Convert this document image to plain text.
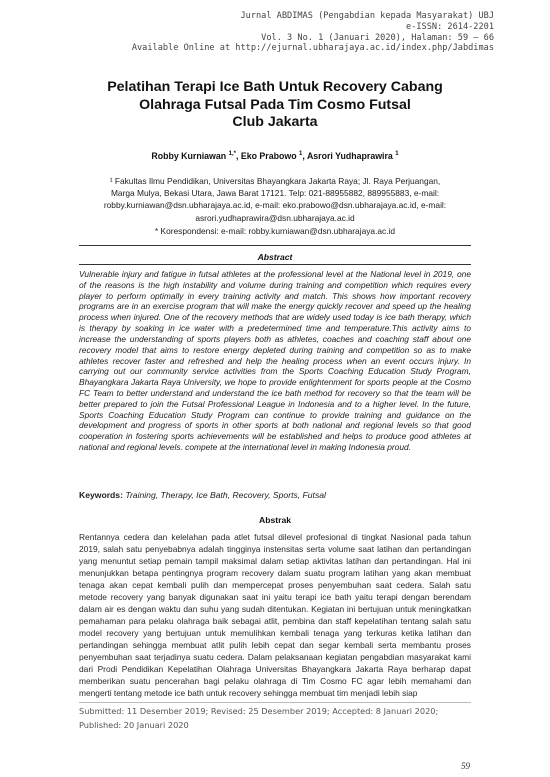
Jurnal ABDIMAS (Pengabdian kepada Masyarakat) UBJ
e-ISSN: 2614-2201
Vol. 3 No. 1 (Januari 2020), Halaman: 59 – 66
Available Online at http://ejurnal.ubharajaya.ac.id/index.php/Jabdimas
Pelatihan Terapi Ice Bath Untuk Recovery Cabang
Olahraga Futsal Pada Tim Cosmo Futsal
Club Jakarta
Robby Kurniawan $^{1,*}$, Eko Prabowo $^1$, Asrori Yudhaprawira $^1$
¹ Fakultas Ilmu Pendidikan, Universitas Bhayangkara Jakarta Raya; Jl. Raya Perjuangan,
Marga Mulya, Bekasi Utara, Jawa Barat 17121. Telp: 021-88955882, 889955883, e-mail:
robby.kurniawan@dsn.ubharajaya.ac.id, e-mail: eko.prabowo@dsn.ubharajaya.ac.id, e-mail:
asrori.yudhaprawira@dsn.ubharajaya.ac.id
* Korespondensi: e-mail: robby.kurniawan@dsn.ubharajaya.ac.id
Abstract

Vulnerable injury and fatigue in futsal athletes at the professional level at the National level in 2019, one of the reasons is the high instability and volume during training and competition which requires every player to perform optimally in every training activity and match. This shows how important recovery programs are in an exercise program that will make the energy quickly recover and speed up the healing process when injured. One of the recovery methods that are widely used today is ice bath therapy, which is therapy by soaking in ice water with a predetermined time and temperature.This activity aims to increase the understanding of sports players both as athletes, coaches and coaching staff about one recovery model that aims to restore energy depleted during training and competition so as to make athletes recover faster and refreshed and help the healing process when an event occurs injury. In carrying out our community service activities from the Sports Coaching Education Study Program, Bhayangkara Jakarta Raya University, we hope to provide enlightenment for sports people at the Cosmo FC Team to better understand and understand the ice bath method for recovery so that the team will be better prepared to join the Futsal Professional League in Indonesia and to a higher level. In the future, Sports Coaching Education Study Program can continue to provide training and guidance on the development and progress of sports in other sports at both national and regional levels so that good cooperation in fostering sports achievements will be established and helps to produce good athletes at national and regional levels. compete at the international level in making Indonesia proud.

Keywords: Training, Therapy, Ice Bath, Recovery, Sports, Futsal
Abstrak

Rentannya cedera dan kelelahan pada atlet futsal dilevel profesional di tingkat Nasional pada tahun 2019, salah satu penyebabnya adalah tingginya instensitas serta volume saat latihan dan pertandingan yang menuntut setiap pemain tampil maksimal dalam setiap aktivitas latihan dan pertandingan. Hal ini menunjukkan betapa pentingnya program recovery dalam suatu program latihan yang akan membuat tenaga akan cepat kembali pulih dan mempercepat proses penyembuhan saat cedera. Salah satu metode recovery yang banyak digunakan saat ini yaitu terapi ice bath yaitu terapi dengan berendam dalam air es dengan waktu dan suhu yang sudah ditentukan. Kegiatan ini bertujuan untuk meningkatkan pemahaman para pelaku olahraga baik sebagai atlit, pembina dan staff kepelatihan tentang salah satu model recovery yang bertujuan untuk memulihkan kembali tenaga yang terkuras ketika latihan dan pertandingan sehingga membuat atlit pulih lebih cepat dan segar kembali serta membantu proses penyembuhan saat terjadinya suatu cedera. Dalam pelaksanaan kegiatan pengabdian masyarakat kami dari Prodi Pendidikan Kepelatihan Olahraga Universitas Bhayangkara Jakarta Raya berharap dapat memberikan suatu pencerahan bagi pelaku olahraga di Tim Cosmo FC agar lebih memahami dan mengerti tentang metode ice bath untuk recovery sehingga membuat tim menjadi lebih siap

Submitted: 11 Desember 2019; Revised: 25 Desember 2019; Accepted: 8 Januari 2020;
Published: 20 Januari 2020
59
